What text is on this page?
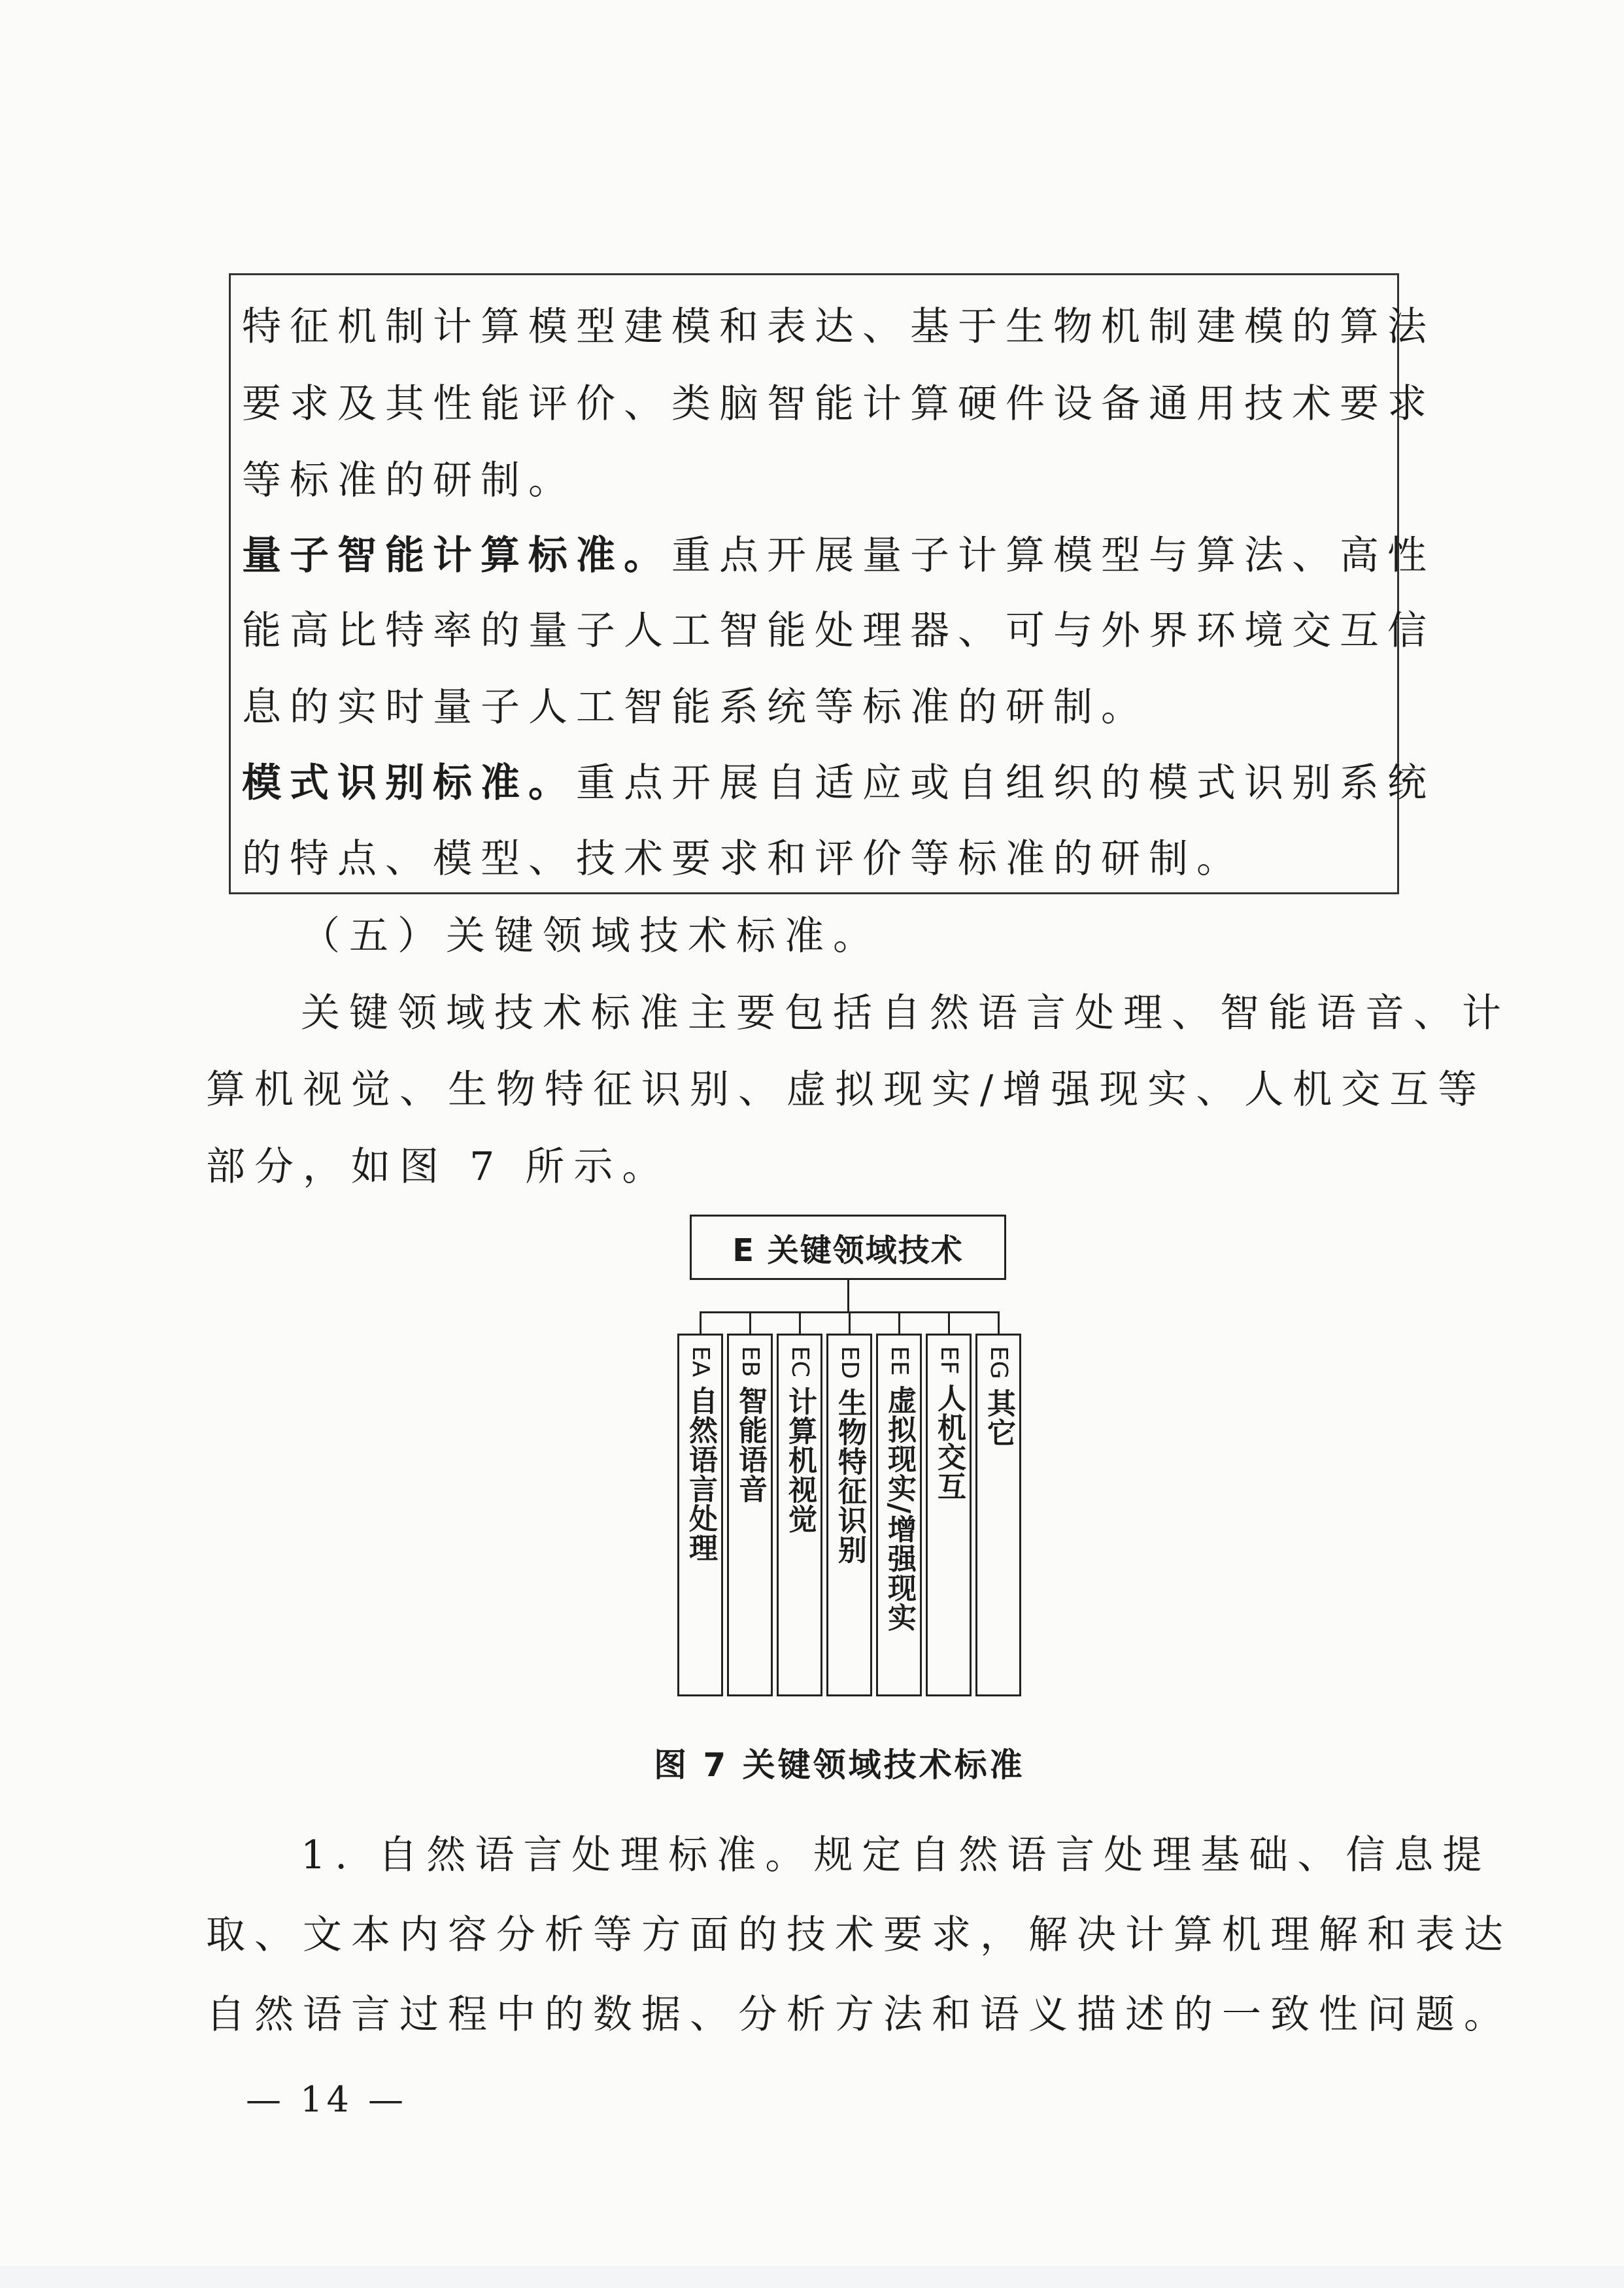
特征机制计算模型建模和表达、基于生物机制建模的算法
要求及其性能评价、类脑智能计算硬件设备通用技术要求
等标准的研制。
量子智能计算标准。重点开展量子计算模型与算法、高性
能高比特率的量子人工智能处理器、可与外界环境交互信
息的实时量子人工智能系统等标准的研制。
模式识别标准。重点开展自适应或自组织的模式识别系统
的特点、模型、技术要求和评价等标准的研制。
（五）关键领域技术标准。
关键领域技术标准主要包括自然语言处理、智能语音、计
算机视觉、生物特征识别、虚拟现实/增强现实、人机交互等
部分，如图 7 所示。
E 关键领域技术
EA
自然语言处理
EB
智能语音
EC
计算机视觉
ED
生物特征识别
EE
虚拟现实/增强现实
EF
人机交互
EG
其它
图 7 关键领域技术标准
1. 自然语言处理标准。规定自然语言处理基础、信息提
取、文本内容分析等方面的技术要求，解决计算机理解和表达
自然语言过程中的数据、分析方法和语义描述的一致性问题。
— 14 —
